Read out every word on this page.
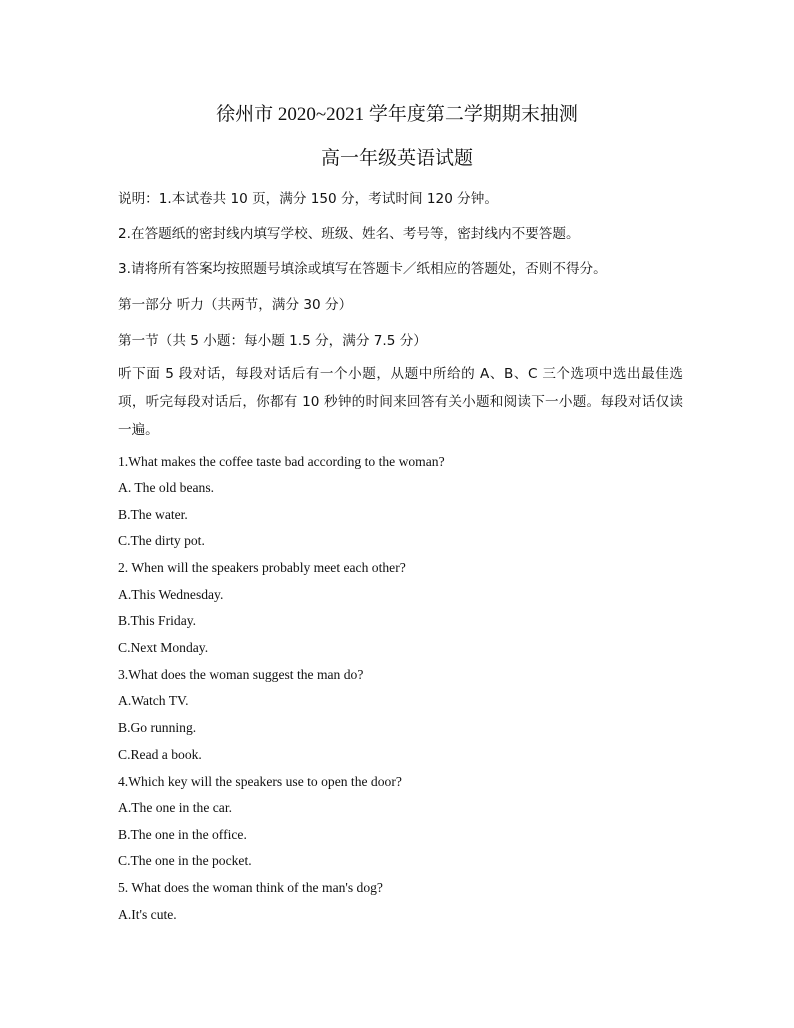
徐州市 2020~2021 学年度第二学期期末抽测
高一年级英语试题
说明：1.本试卷共 10 页，满分 150 分，考试时间 120 分钟。
2.在答题纸的密封线内填写学校、班级、姓名、考号等，密封线内不要答题。
3.请将所有答案均按照题号填涂或填写在答题卡／纸相应的答题处，否则不得分。
第一部分 听力（共两节，满分 30 分）
第一节（共 5 小题：每小题 1.5 分，满分 7.5 分）
听下面 5 段对话，每段对话后有一个小题，从题中所给的 A、B、C 三个选项中选出最佳选项，听完每段对话后，你都有 10 秒钟的时间来回答有关小题和阅读下一小题。每段对话仅读一遍。
1.What makes the coffee taste bad according to the woman?
A. The old beans.
B.The water.
C.The dirty pot.
2. When will the speakers probably meet each other?
A.This Wednesday.
B.This Friday.
C.Next Monday.
3.What does the woman suggest the man do?
A.Watch TV.
B.Go running.
C.Read a book.
4.Which key will the speakers use to open the door?
A.The one in the car.
B.The one in the office.
C.The one in the pocket.
5. What does the woman think of the man's dog?
A.It's cute.
